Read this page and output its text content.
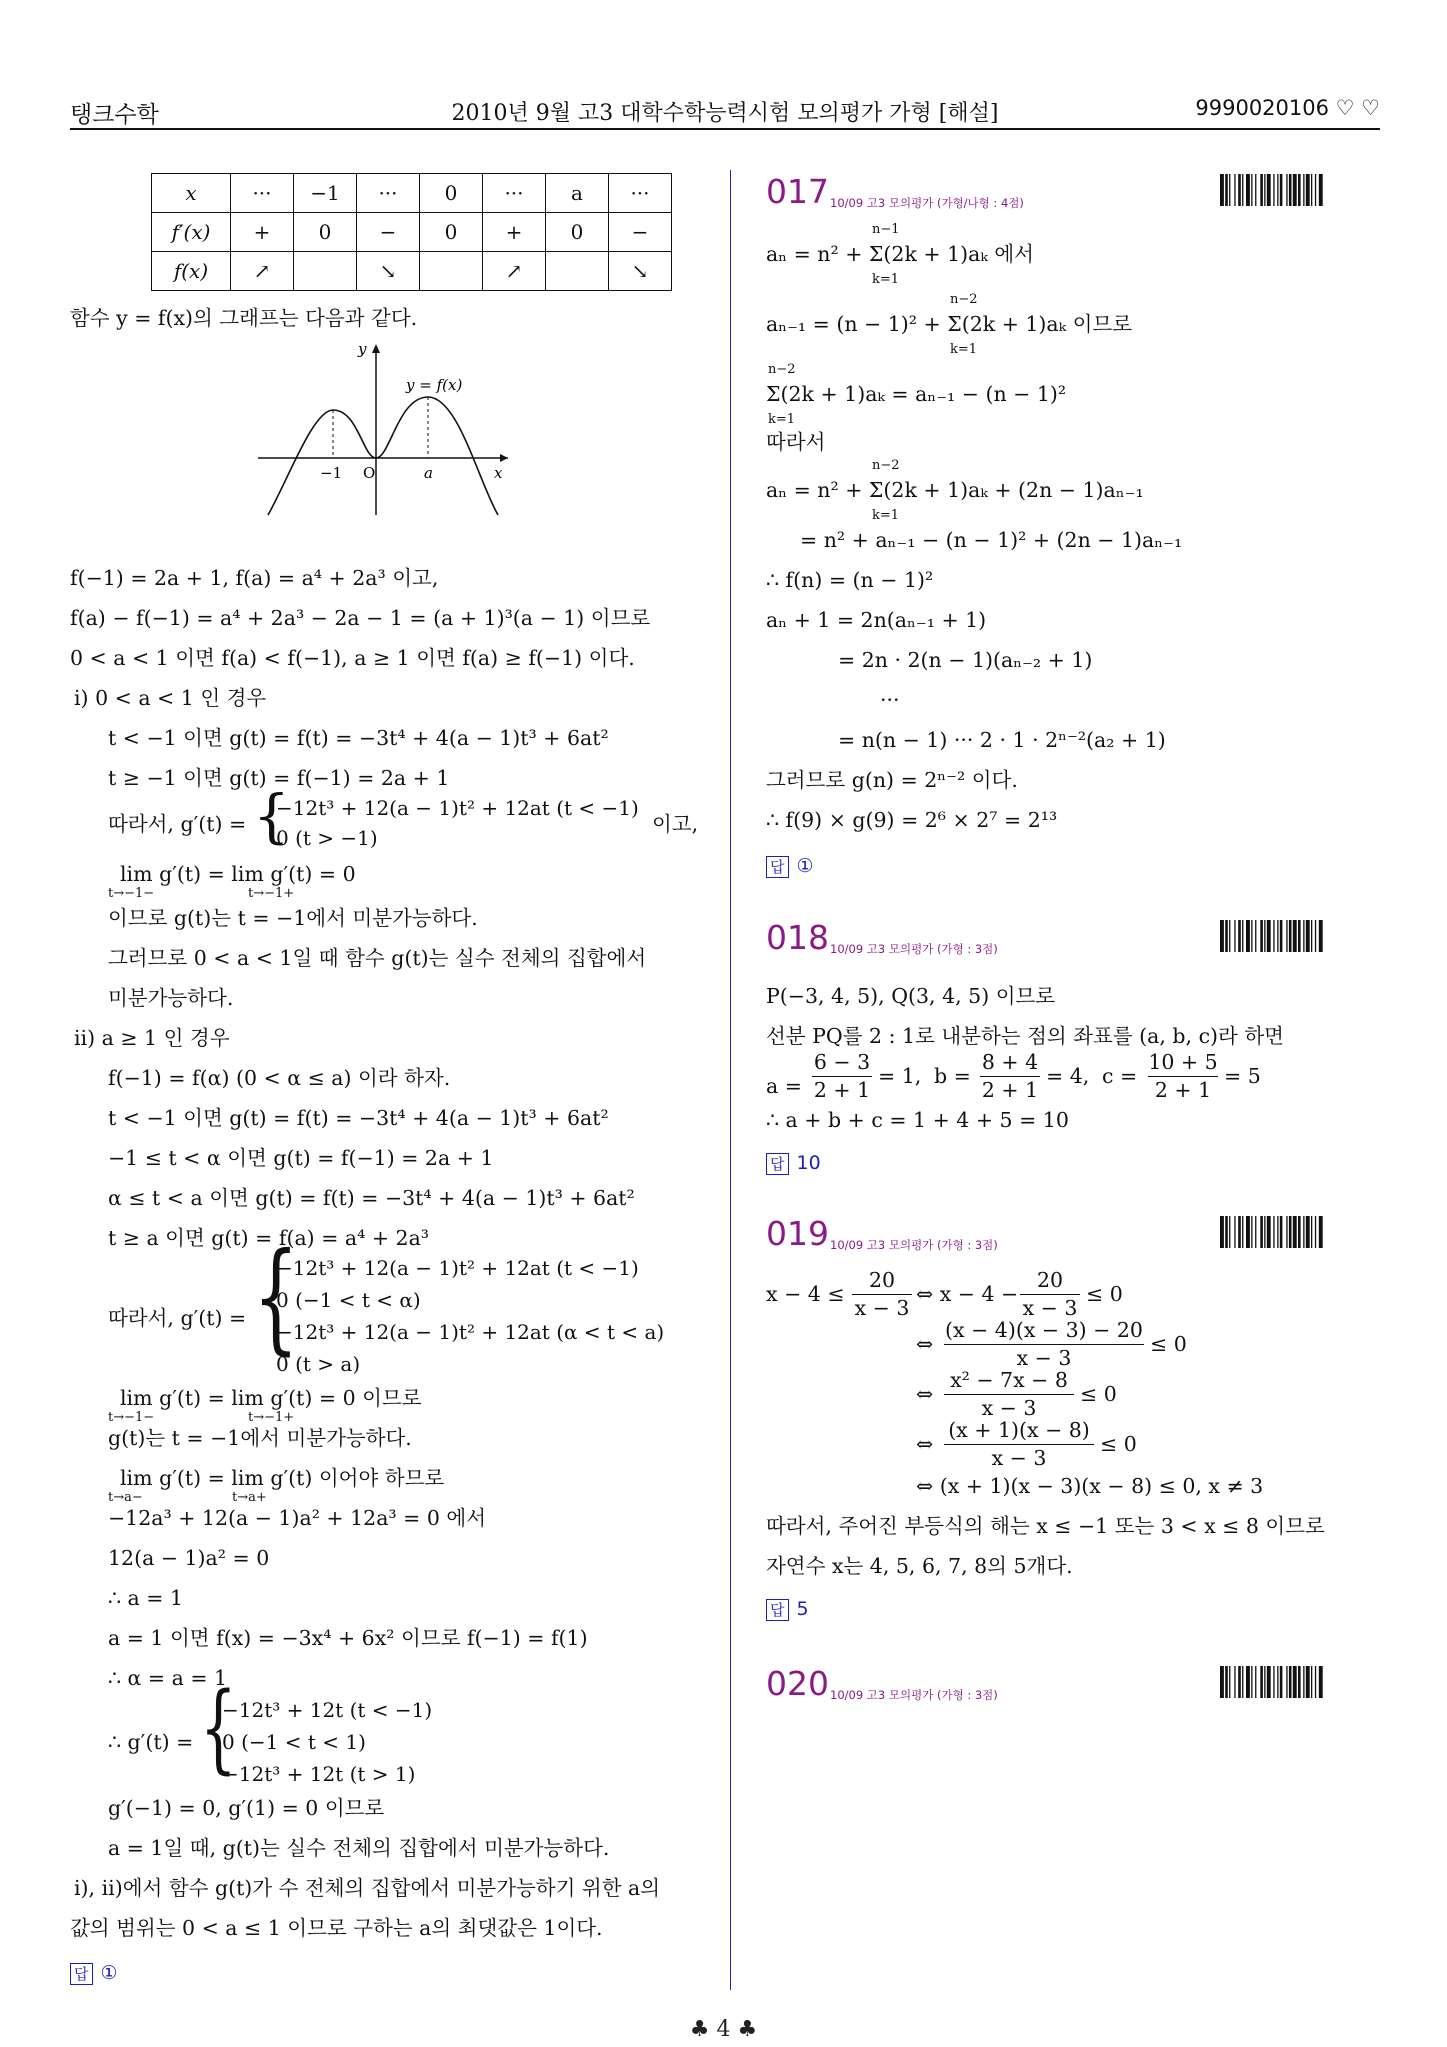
탱크수학	2010년 9월 고3 대학수학능력시험 모의평가 가형 [해설]	9990020106 ♡ ♡
x	···	−1	···	0	···	a	···
f′(x)	+	0	−	0	+	0	−
f(x)	↗		↘		↗		↘
함수 y = f(x)의 그래프는 다음과 같다.
y = f(x)
y
x
−1 O	a
f(−1) = 2a + 1, f(a) = a⁴ + 2a³ 이고,
f(a) − f(−1) = a⁴ + 2a³ − 2a − 1 = (a + 1)³(a − 1) 이므로
0 < a < 1 이면 f(a) < f(−1), a ≥ 1 이면 f(a) ≥ f(−1) 이다.
ⅰ) 0 < a < 1 인 경우
t < −1 이면 g(t) = f(t) = −3t⁴ + 4(a − 1)t³ + 6at²
t ≥ −1 이면 g(t) = f(−1) = 2a + 1
따라서, g′(t) = {
−12t³ + 12(a − 1)t² + 12at (t < −1)
0 (t > −1)
이고,
lim g′(t) = lim g′(t) = 0
t→−1−	t→−1+
이므로 g(t)는 t = −1에서 미분가능하다.
그러므로 0 < a < 1일 때 함수 g(t)는 실수 전체의 집합에서
미분가능하다.
ⅱ) a ≥ 1 인 경우
f(−1) = f(α) (0 < α ≤ a) 이라 하자.
t < −1 이면 g(t) = f(t) = −3t⁴ + 4(a − 1)t³ + 6at²
−1 ≤ t < α 이면 g(t) = f(−1) = 2a + 1
α ≤ t < a 이면 g(t) = f(t) = −3t⁴ + 4(a − 1)t³ + 6at²
t ≥ a 이면 g(t) = f(a) = a⁴ + 2a³
따라서, g′(t) = {
−12t³ + 12(a − 1)t² + 12at (t < −1)
0 (−1 < t < α)
−12t³ + 12(a − 1)t² + 12at (α < t < a)
0 (t > a)
lim g′(t) = lim g′(t) = 0 이므로
t→−1−	t→−1+
g(t)는 t = −1에서 미분가능하다.
lim g′(t) = lim g′(t) 이어야 하므로
t→a−	t→a+
−12a³ + 12(a − 1)a² + 12a³ = 0 에서
12(a − 1)a² = 0
∴ a = 1
a = 1 이면 f(x) = −3x⁴ + 6x² 이므로 f(−1) = f(1)
∴ α = a = 1
∴ g′(t) = {
−12t³ + 12t (t < −1)
0 (−1 < t < 1)
−12t³ + 12t (t > 1)
g′(−1) = 0, g′(1) = 0 이므로
a = 1일 때, g(t)는 실수 전체의 집합에서 미분가능하다.
ⅰ), ⅱ)에서 함수 g(t)가 수 전체의 집합에서 미분가능하기 위한 a의
값의 범위는 0 < a ≤ 1 이므로 구하는 a의 최댓값은 1이다.
답 ①
017 10/09 고3 모의평가 (가형/나형 : 4점)
aₙ = n² + Σ(2k + 1)aₖ 에서
n−1
k=1
aₙ₋₁ = (n − 1)² + Σ(2k + 1)aₖ 이므로
n−2
k=1
Σ(2k + 1)aₖ = aₙ₋₁ − (n − 1)²
n−2
k=1
따라서
aₙ = n² + Σ(2k + 1)aₖ + (2n − 1)aₙ₋₁
n−2
k=1
= n² + aₙ₋₁ − (n − 1)² + (2n − 1)aₙ₋₁
∴ f(n) = (n − 1)²
aₙ + 1 = 2n(aₙ₋₁ + 1)
= 2n · 2(n − 1)(aₙ₋₂ + 1)
···
= n(n − 1) ··· 2 · 1 · 2ⁿ⁻²(a₂ + 1)
그러므로 g(n) = 2ⁿ⁻² 이다.
∴ f(9) × g(9) = 2⁶ × 2⁷ = 2¹³
답 ①
018 10/09 고3 모의평가 (가형 : 3점)
P(−3, 4, 5), Q(3, 4, 5) 이므로
선분 PQ를 2 : 1로 내분하는 점의 좌표를 (a, b, c)라 하면
a =
6 − 3
2 + 1
= 1, b =
8 + 4
2 + 1
= 4, c =
10 + 5
2 + 1
= 5
∴ a + b + c = 1 + 4 + 5 = 10
답 10
019 10/09 고3 모의평가 (가형 : 3점)
x − 4 ≤
20
x − 3
⇔ x − 4 −
20
x − 3
≤ 0
⇔
(x − 4)(x − 3) − 20
x − 3
≤ 0
⇔
x² − 7x − 8
x − 3
≤ 0
⇔
(x + 1)(x − 8)
x − 3
≤ 0
⇔ (x + 1)(x − 3)(x − 8) ≤ 0, x ≠ 3
따라서, 주어진 부등식의 해는 x ≤ −1 또는 3 < x ≤ 8 이므로
자연수 x는 4, 5, 6, 7, 8의 5개다.
답 5
020 10/09 고3 모의평가 (가형 : 3점)
♣ 4 ♣
